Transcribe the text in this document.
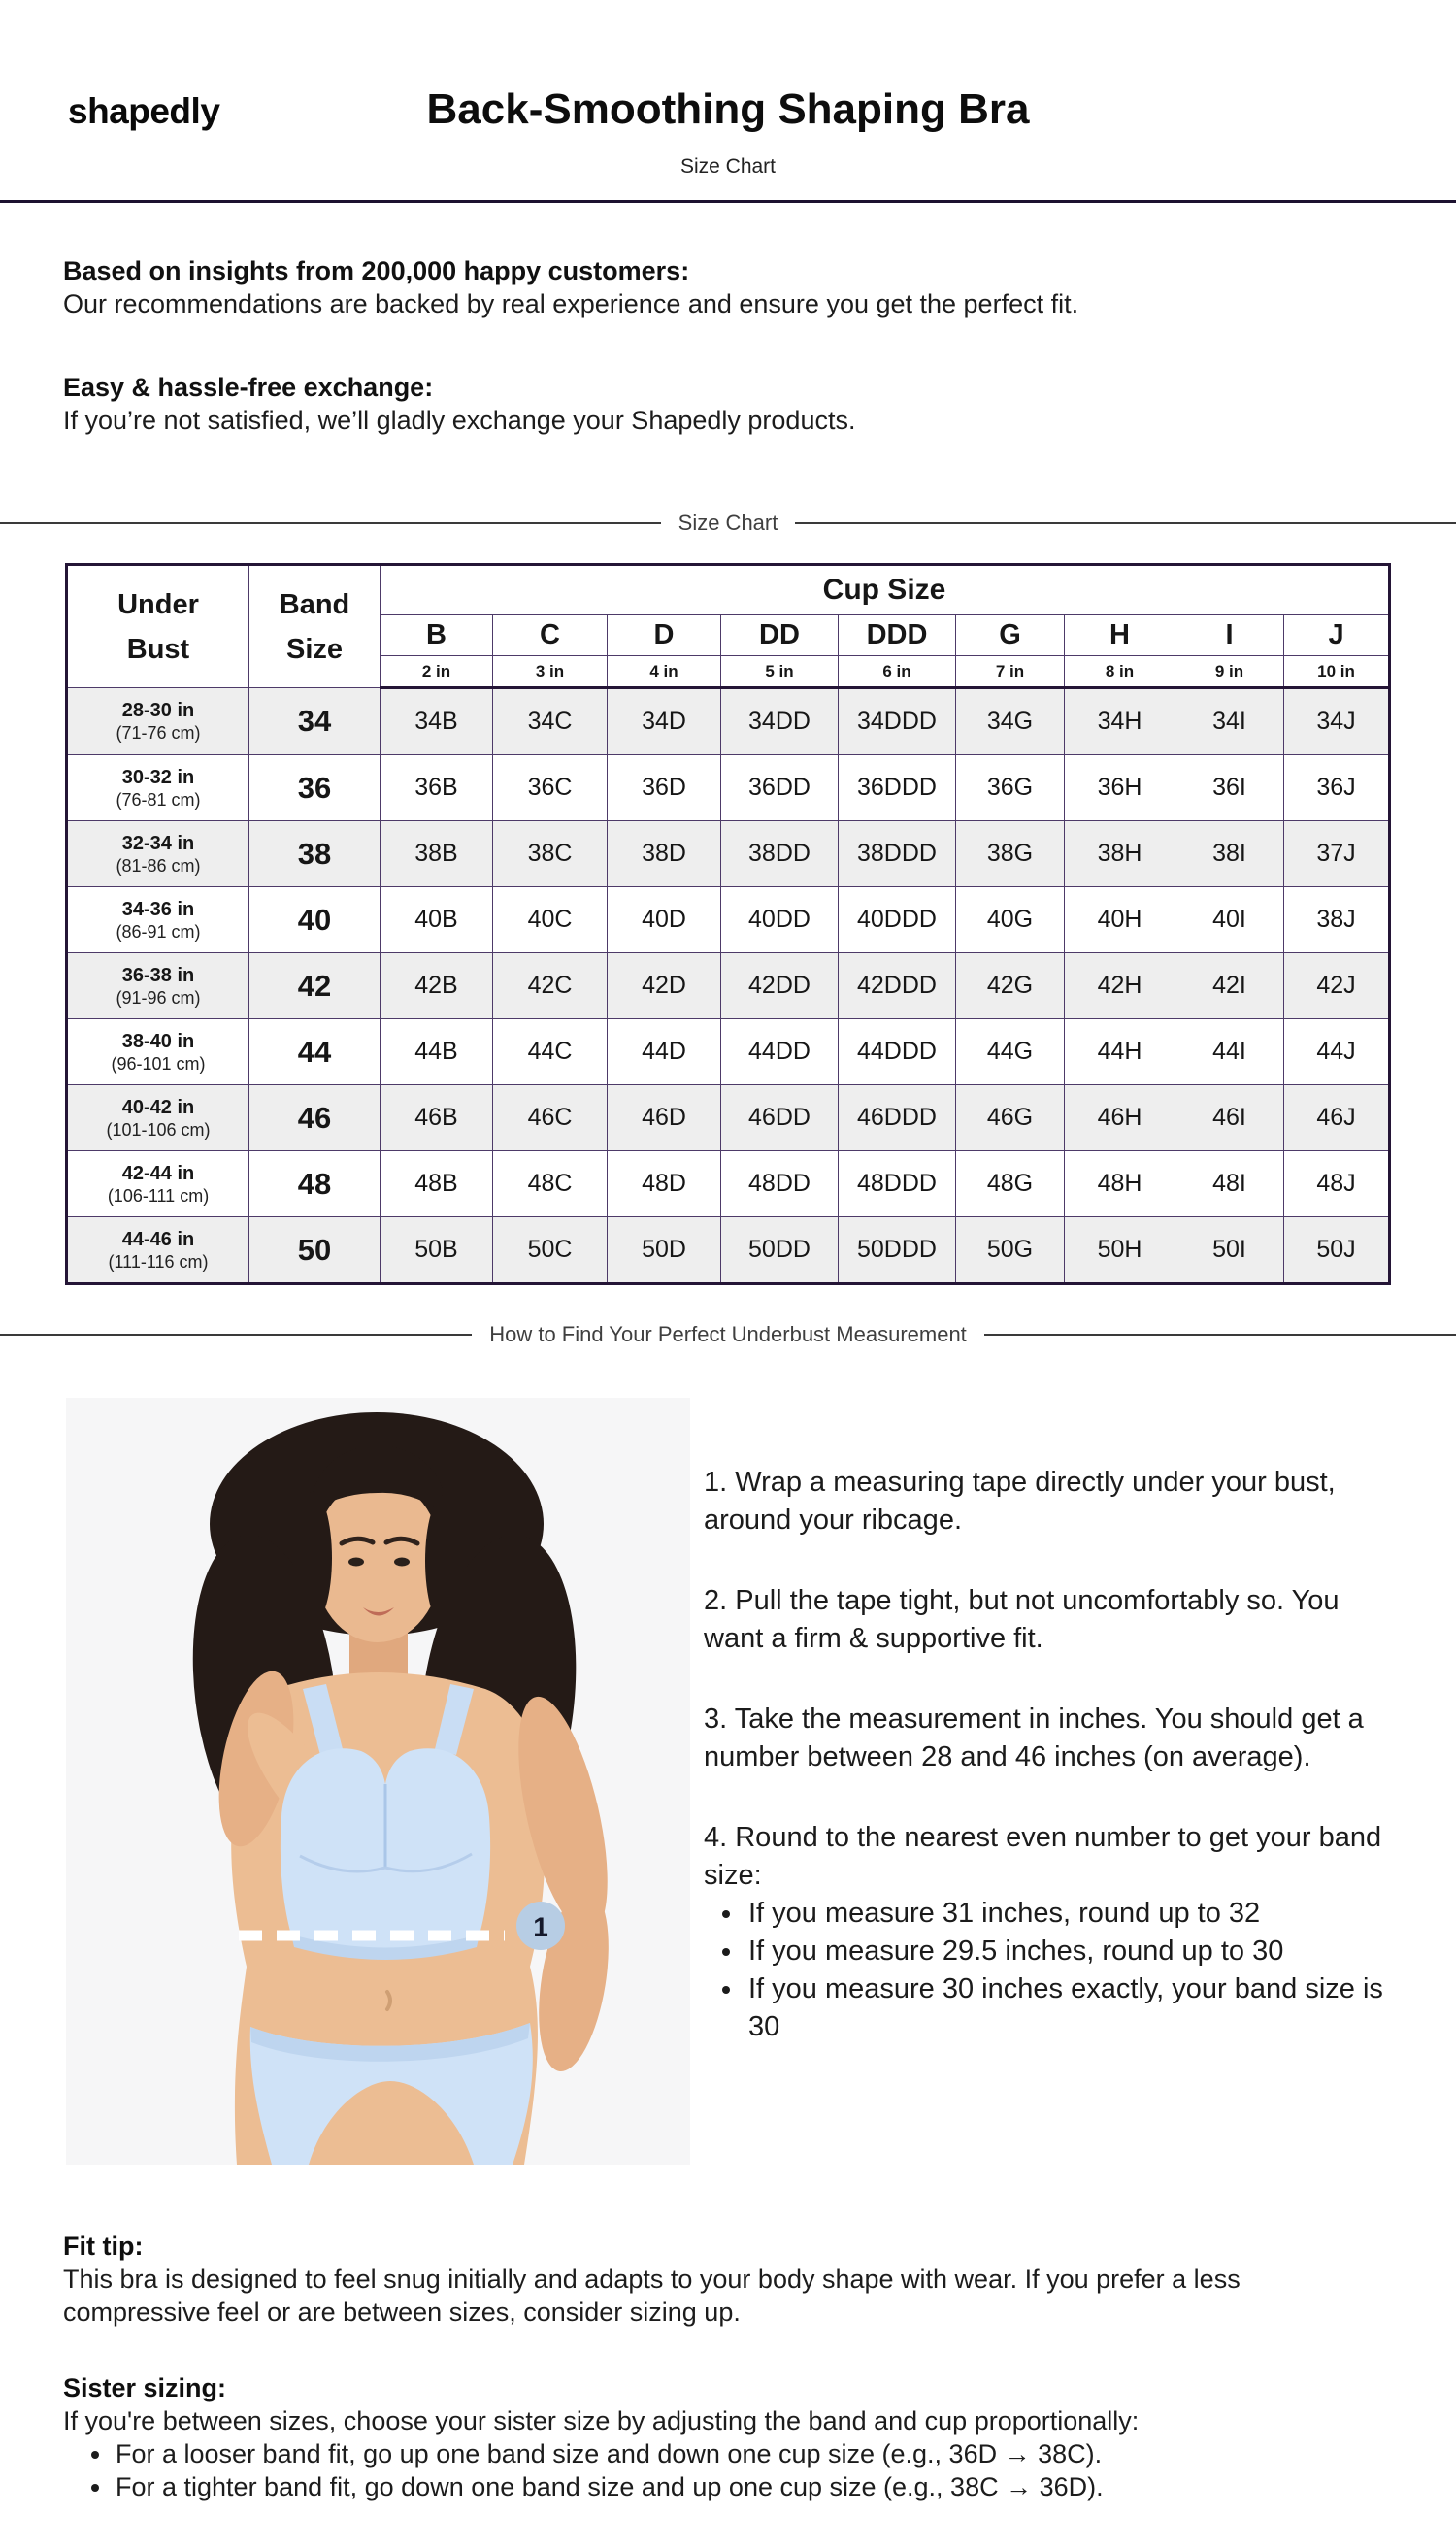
shapedly	Back-Smoothing Shaping Bra
Size Chart
Based on insights from 200,000 happy customers:

Our recommendations are backed by real experience and ensure you get the perfect fit.

Easy & hassle-free exchange:

If you’re not satisfied, we’ll gladly exchange your Shapedly products.

Size Chart
Under Bust	Band Size	Cup Size								
		B	C	D	DD	DDD	G	H	I	J
		2 in	3 in	4 in	5 in	6 in	7 in	8 in	9 in	10 in

28-30 in
(71-76 cm)	34	34B	34C	34D	34DD	34DDD	34G	34H	34I	34J

30-32 in
(76-81 cm)	36	36B	36C	36D	36DD	36DDD	36G	36H	36I	36J

32-34 in
(81-86 cm)	38	38B	38C	38D	38DD	38DDD	38G	38H	38I	37J

34-36 in
(86-91 cm)	40	40B	40C	40D	40DD	40DDD	40G	40H	40I	38J

36-38 in
(91-96 cm)	42	42B	42C	42D	42DD	42DDD	42G	42H	42I	42J

38-40 in
(96-101 cm)	44	44B	44C	44D	44DD	44DDD	44G	44H	44I	44J

40-42 in
(101-106 cm)	46	46B	46C	46D	46DD	46DDD	46G	46H	46I	46J

42-44 in
(106-111 cm)	48	48B	48C	48D	48DD	48DDD	48G	48H	48I	48J

44-46 in
(111-116 cm)	50	50B	50C	50D	50DD	50DDD	50G	50H	50I	50J
How to Find Your Perfect Underbust Measurement
1

1. Wrap a measuring tape directly under your bust, around your ribcage.

2. Pull the tape tight, but not uncomfortably so. You want a firm & supportive fit.

3. Take the measurement in inches. You should get a number between 28 and 46 inches (on average).

4. Round to the nearest even number to get your band size:

• If you measure 31 inches, round up to 32
• If you measure 29.5 inches, round up to 30
• If you measure 30 inches exactly, your band size is 30
Fit tip:

This bra is designed to feel snug initially and adapts to your body shape with wear. If you prefer a less compressive feel or are between sizes, consider sizing up.

Sister sizing:

If you're between sizes, choose your sister size by adjusting the band and cup proportionally:

• For a looser band fit, go up one band size and down one cup size (e.g., 36D → 38C).
• For a tighter band fit, go down one band size and up one cup size (e.g., 38C → 36D).
